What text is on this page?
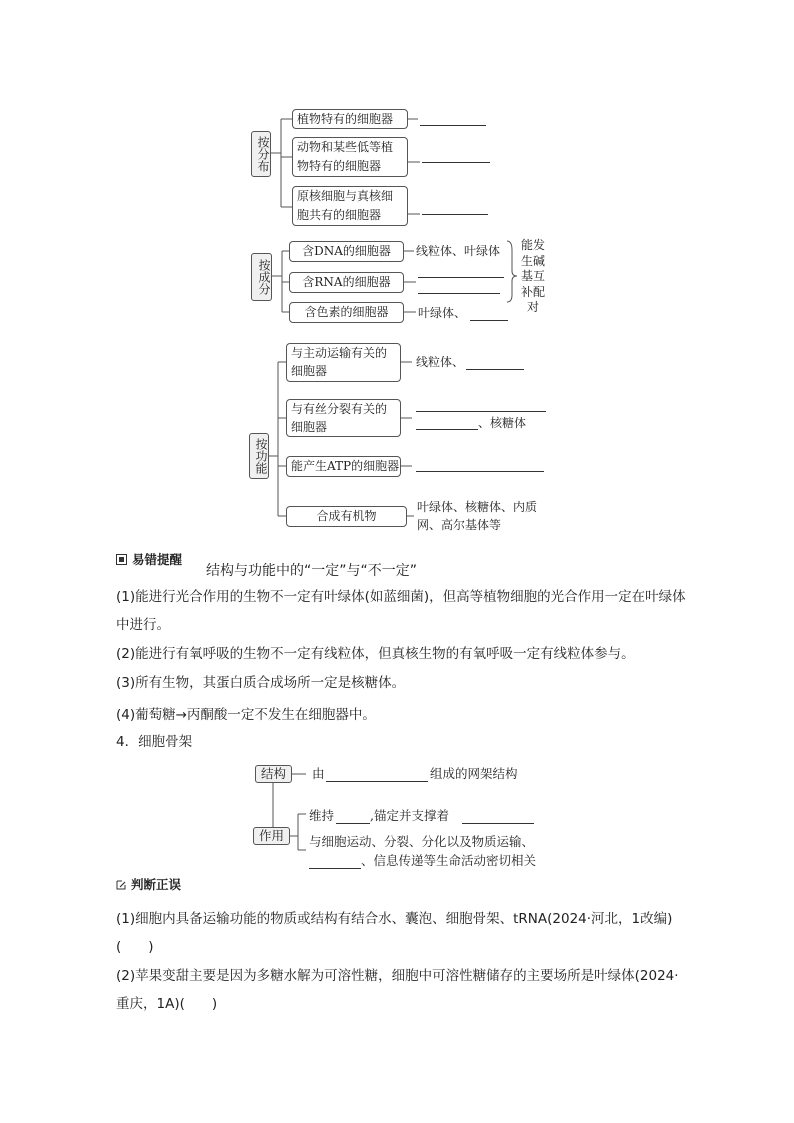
按分布
植物特有的细胞器
动物和某些低等植物特有的细胞器
原核细胞与真核细胞共有的细胞器
按成分
含DNA的细胞器	线粒体、叶绿体
含RNA的细胞器
含色素的细胞器	叶绿体、
能发生碱基互补配对
按功能
与主动运输有关的细胞器
线粒体、
与有丝分裂有关的细胞器	、核糖体
能产生ATP的细胞器
合成有机物
叶绿体、核糖体、内质网、高尔基体等
易错提醒
结构与功能中的“一定”与“不一定”
(1)能进行光合作用的生物不一定有叶绿体(如蓝细菌)，但高等植物细胞的光合作用一定在叶绿体中进行。
(2)能进行有氧呼吸的生物不一定有线粒体，但真核生物的有氧呼吸一定有线粒体参与。
(3)所有生物，其蛋白质合成场所一定是核糖体。
(4)葡萄糖→丙酮酸一定不发生在细胞器中。
4．细胞骨架
结构	由	组成的网架结构
作用
维持	,锚定并支撑着
与细胞运动、分裂、分化以及物质运输、
、信息传递等生命活动密切相关
判断正误
(1)细胞内具备运输功能的物质或结构有结合水、囊泡、细胞骨架、tRNA(2024·河北，1改编)(　　)
(2)苹果变甜主要是因为多糖水解为可溶性糖，细胞中可溶性糖储存的主要场所是叶绿体(2024·重庆，1A)(　　)
